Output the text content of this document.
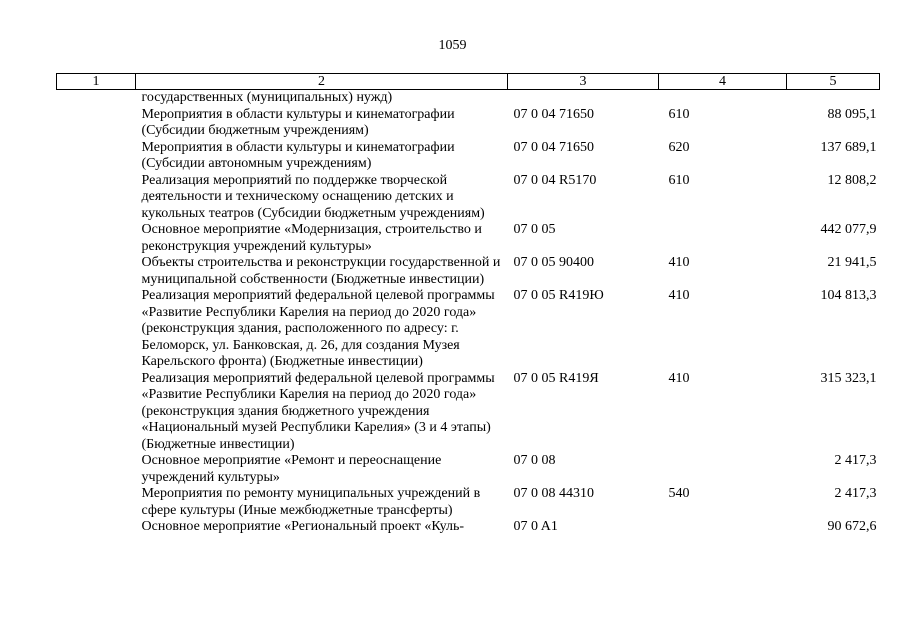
1059
1	2	3	4	5
	государственных (муниципальных) нужд)			
	Мероприятия в области культуры и кинематографии (Субсидии бюджетным учреждениям)	07 0 04 71650	610	88 095,1
	Мероприятия в области культуры и кинематографии (Субсидии автономным учреждениям)	07 0 04 71650	620	137 689,1
	Реализация мероприятий по поддержке творческой деятельности и техническому оснащению детских и кукольных театров (Субсидии бюджетным учреждениям)	07 0 04 R5170	610	12 808,2
	Основное мероприятие «Модернизация, строительство и реконструкция учреждений культуры»	07 0 05		442 077,9
	Объекты строительства и реконструкции государственной и муниципальной собственности (Бюджетные инвестиции)	07 0 05 90400	410	21 941,5
	Реализация мероприятий федеральной целевой программы «Развитие Республики Карелия на период до 2020 года» (реконструкция здания, расположенного по адресу: г. Беломорск, ул. Банковская, д. 26, для создания Музея Карельского фронта) (Бюджетные инвестиции)	07 0 05 R419Ю	410	104 813,3
	Реализация мероприятий федеральной целевой программы «Развитие Республики Карелия на период до 2020 года» (реконструкция здания бюджетного учреждения «Национальный музей Республики Карелия» (3 и 4 этапы) (Бюджетные инвестиции)	07 0 05 R419Я	410	315 323,1
	Основное мероприятие «Ремонт и переоснащение учреждений культуры»	07 0 08		2 417,3
	Мероприятия по ремонту муниципальных учреждений в сфере культуры (Иные межбюджетные трансферты)	07 0 08 44310	540	2 417,3
	Основное мероприятие «Региональный проект «Куль-	07 0 A1		90 672,6
